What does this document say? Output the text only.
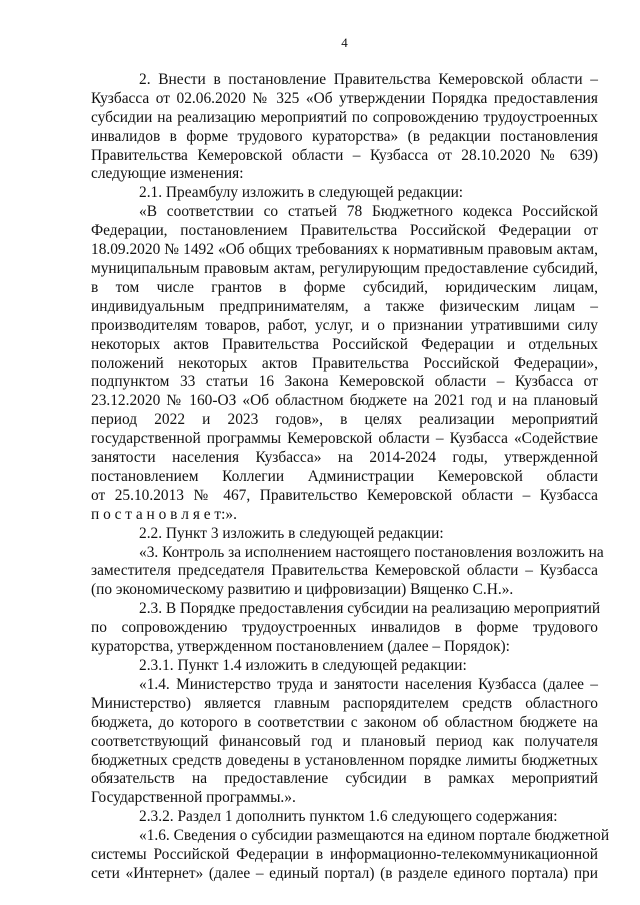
4
2. Внести в постановление Правительства Кемеровской области –
Кузбасса от 02.06.2020 № 325 «Об утверждении Порядка предоставления
субсидии на реализацию мероприятий по сопровождению трудоустроенных
инвалидов в форме трудового кураторства» (в редакции постановления
Правительства Кемеровской области – Кузбасса от 28.10.2020 № 639)
следующие изменения:
2.1. Преамбулу изложить в следующей редакции:
«В соответствии со статьей 78 Бюджетного кодекса Российской
Федерации, постановлением Правительства Российской Федерации от
18.09.2020 № 1492 «Об общих требованиях к нормативным правовым актам,
муниципальным правовым актам, регулирующим предоставление субсидий,
в том числе грантов в форме субсидий, юридическим лицам,
индивидуальным предпринимателям, а также физическим лицам –
производителям товаров, работ, услуг, и о признании утратившими силу
некоторых актов Правительства Российской Федерации и отдельных
положений некоторых актов Правительства Российской Федерации»,
подпунктом 33 статьи 16 Закона Кемеровской области – Кузбасса от
23.12.2020 № 160-ОЗ «Об областном бюджете на 2021 год и на плановый
период 2022 и 2023 годов», в целях реализации мероприятий
государственной программы Кемеровской области – Кузбасса «Содействие
занятости населения Кузбасса» на 2014-2024 годы, утвержденной
постановлением Коллегии Администрации Кемеровской области
от 25.10.2013 № 467, Правительство Кемеровской области – Кузбасса
п о с т а н о в л я е т:».
2.2. Пункт 3 изложить в следующей редакции:
«3. Контроль за исполнением настоящего постановления возложить на
заместителя председателя Правительства Кемеровской области – Кузбасса
(по экономическому развитию и цифровизации) Вященко С.Н.».
2.3. В Порядке предоставления субсидии на реализацию мероприятий
по сопровождению трудоустроенных инвалидов в форме трудового
кураторства, утвержденном постановлением (далее – Порядок):
2.3.1. Пункт 1.4 изложить в следующей редакции:
«1.4. Министерство труда и занятости населения Кузбасса (далее –
Министерство) является главным распорядителем средств областного
бюджета, до которого в соответствии с законом об областном бюджете на
соответствующий финансовый год и плановый период как получателя
бюджетных средств доведены в установленном порядке лимиты бюджетных
обязательств на предоставление субсидии в рамках мероприятий
Государственной программы.».
2.3.2. Раздел 1 дополнить пунктом 1.6 следующего содержания:
«1.6. Сведения о субсидии размещаются на едином портале бюджетной
системы Российской Федерации в информационно-телекоммуникационной
сети «Интернет» (далее – единый портал) (в разделе единого портала) при
